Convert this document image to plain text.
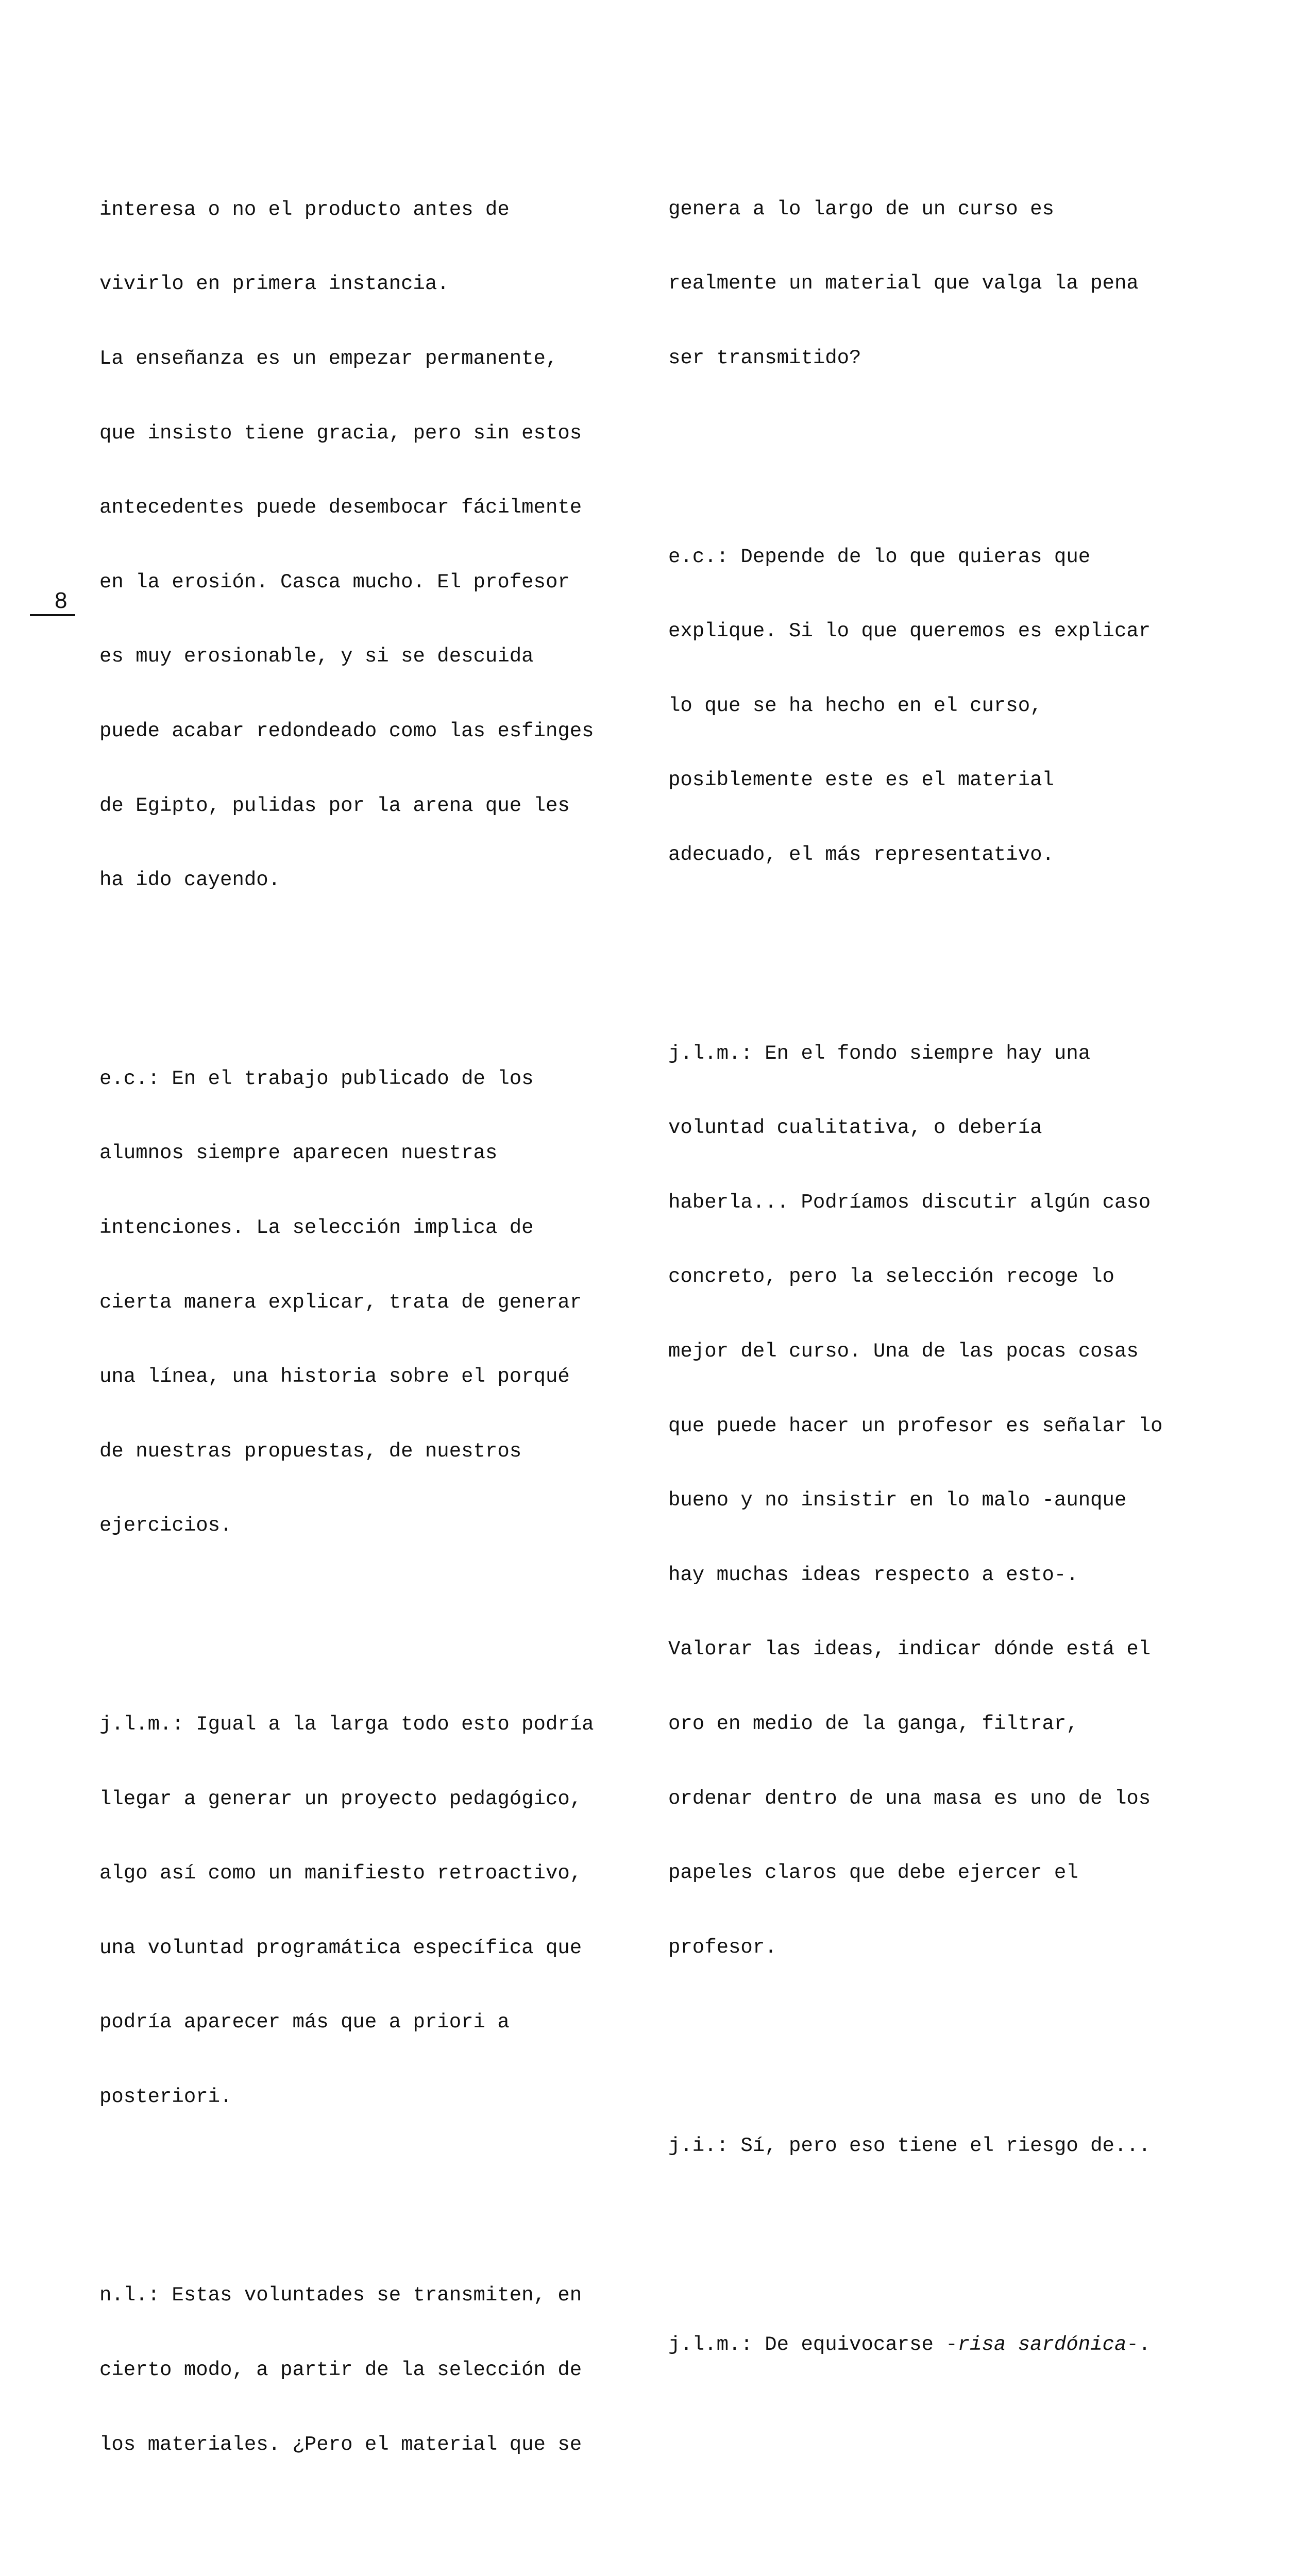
8

interesa o no el producto antes de

vivirlo en primera instancia.

La enseñanza es un empezar permanente,

que insisto tiene gracia, pero sin estos

antecedentes puede desembocar fácilmente

en la erosión. Casca mucho. El profesor

es muy erosionable, y si se descuida

puede acabar redondeado como las esfinges

de Egipto, pulidas por la arena que les

ha ido cayendo.

e.c.: En el trabajo publicado de los

alumnos siempre aparecen nuestras

intenciones. La selección implica de

cierta manera explicar, trata de generar

una línea, una historia sobre el porqué

de nuestras propuestas, de nuestros

ejercicios.

j.l.m.: Igual a la larga todo esto podría

llegar a generar un proyecto pedagógico,

algo así como un manifiesto retroactivo,

una voluntad programática específica que

podría aparecer más que a priori a

posteriori.

n.l.: Estas voluntades se transmiten, en

cierto modo, a partir de la selección de

los materiales. ¿Pero el material que se

genera a lo largo de un curso es

realmente un material que valga la pena

ser transmitido?

e.c.: Depende de lo que quieras que

explique. Si lo que queremos es explicar

lo que se ha hecho en el curso,

posiblemente este es el material

adecuado, el más representativo.

j.l.m.: En el fondo siempre hay una

voluntad cualitativa, o debería

haberla... Podríamos discutir algún caso

concreto, pero la selección recoge lo

mejor del curso. Una de las pocas cosas

que puede hacer un profesor es señalar lo

bueno y no insistir en lo malo -aunque

hay muchas ideas respecto a esto-.

Valorar las ideas, indicar dónde está el

oro en medio de la ganga, filtrar,

ordenar dentro de una masa es uno de los

papeles claros que debe ejercer el

profesor.

j.i.: Sí, pero eso tiene el riesgo de...

j.l.m.: De equivocarse -risa sardónica-.
